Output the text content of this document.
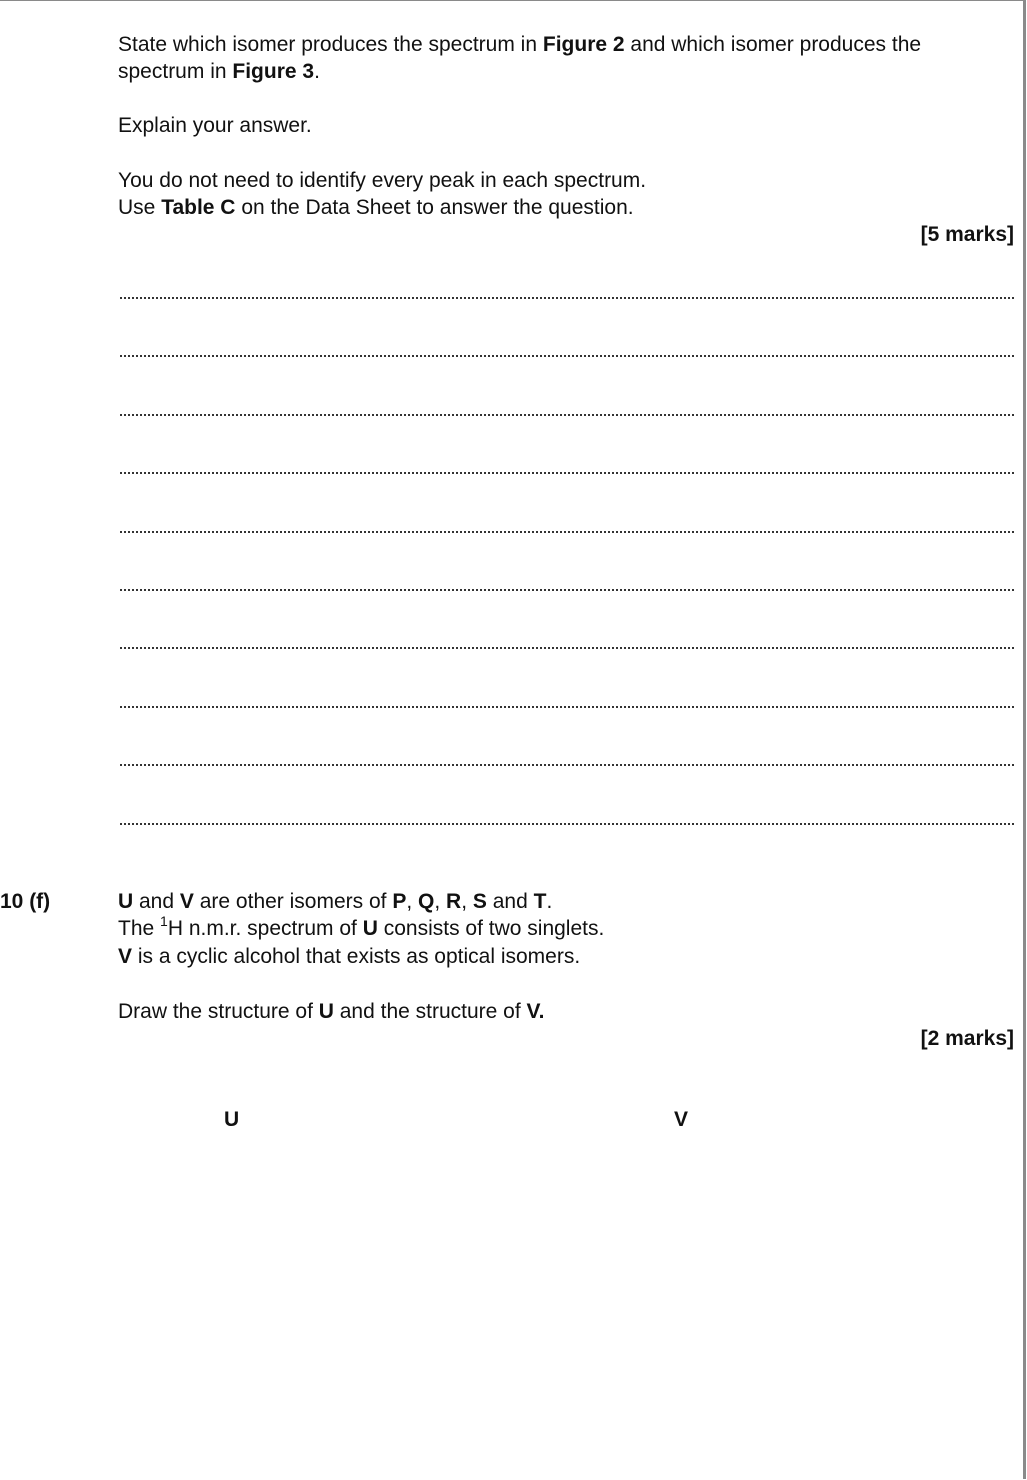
State which isomer produces the spectrum in Figure 2 and which isomer produces the

spectrum in Figure 3.

Explain your answer.

You do not need to identify every peak in each spectrum.

Use Table C on the Data Sheet to answer the question.

[5 marks]

10 (f)	U and V are other isomers of P, Q, R, S and T.

The $^1$H n.m.r. spectrum of U consists of two singlets.

V is a cyclic alcohol that exists as optical isomers.

Draw the structure of U and the structure of V.

[2 marks]

U	V
